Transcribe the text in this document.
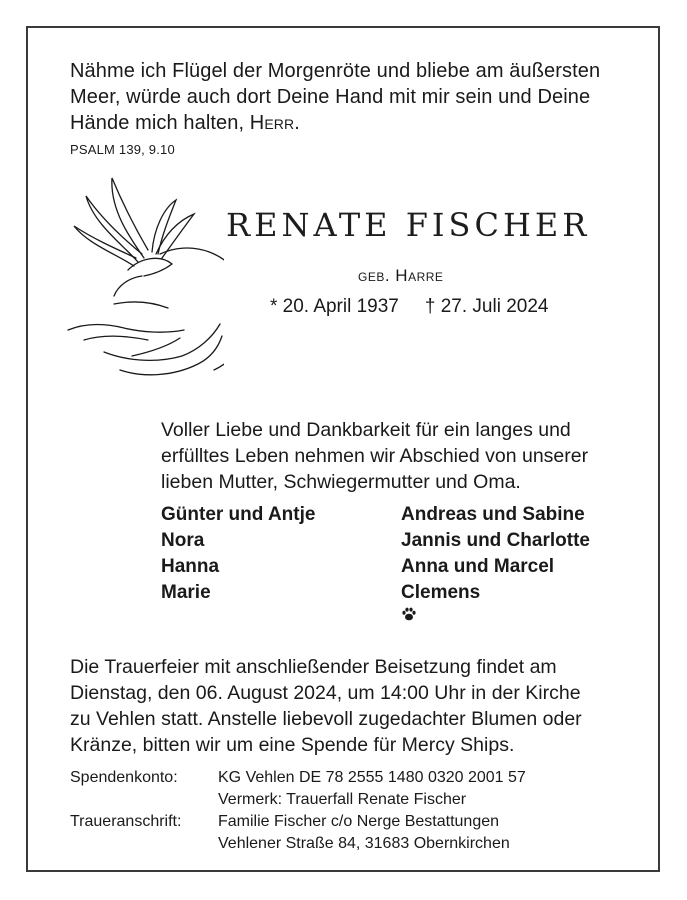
Nähme ich Flügel der Morgenröte und bliebe am äußersten
Meer, würde auch dort Deine Hand mit mir sein und Deine
Hände mich halten, Herr.
PSALM 139, 9.10
RENATE FISCHER
geb. Harre
* 20. April 1937 † 27. Juli 2024
Voller Liebe und Dankbarkeit für ein langes und
erfülltes Leben nehmen wir Abschied von unserer
lieben Mutter, Schwiegermutter und Oma.
Günter und Antje
Nora
Hanna
Marie
Andreas und Sabine
Jannis und Charlotte
Anna und Marcel
Clemens
Die Trauerfeier mit anschließender Beisetzung findet am
Dienstag, den 06. August 2024, um 14:00 Uhr in der Kirche
zu Vehlen statt. Anstelle liebevoll zugedachter Blumen oder
Kränze, bitten wir um eine Spende für Mercy Ships.
Spendenkonto:	KG Vehlen DE 78 2555 1480 0320 2001 57
Vermerk: Trauerfall Renate Fischer
Traueranschrift: Familie Fischer c/o Nerge Bestattungen
Vehlener Straße 84, 31683 Obernkirchen
